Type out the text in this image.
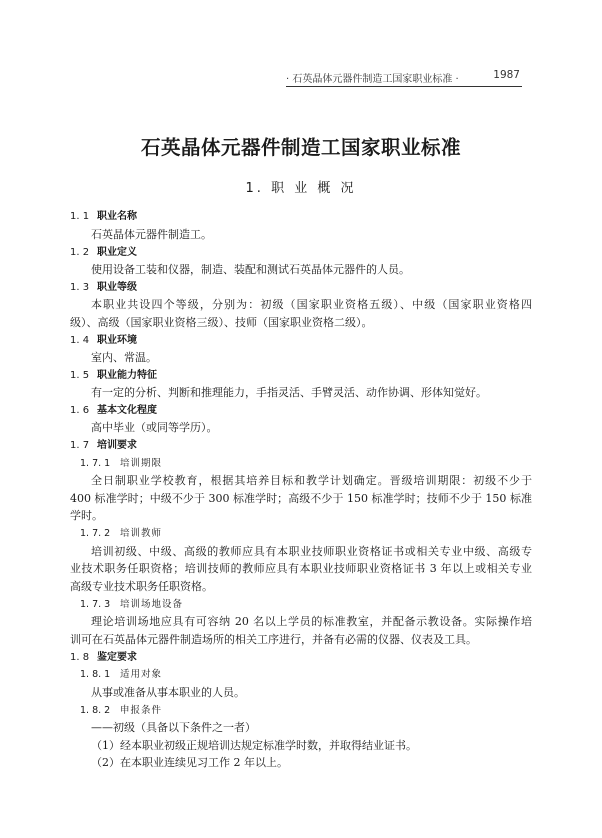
· 石英晶体元器件制造工国家职业标准 ·	1987
石英晶体元器件制造工国家职业标准
1. 职 业 概 况
1. 1 职业名称
石英晶体元器件制造工。
1. 2 职业定义
使用设备工装和仪器，制造、装配和测试石英晶体元器件的人员。
1. 3 职业等级
本职业共设四个等级，分别为：初级（国家职业资格五级）、中级（国家职业资格四
级）、高级（国家职业资格三级）、技师（国家职业资格二级）。
1. 4 职业环境
室内、常温。
1. 5 职业能力特征
有一定的分析、判断和推理能力，手指灵活、手臂灵活、动作协调、形体知觉好。
1. 6 基本文化程度
高中毕业（或同等学历）。
1. 7 培训要求
1. 7. 1 培训期限
全日制职业学校教育，根据其培养目标和教学计划确定。晋级培训期限：初级不少于
400 标准学时；中级不少于 300 标准学时；高级不少于 150 标准学时；技师不少于 150 标准
学时。
1. 7. 2 培训教师
培训初级、中级、高级的教师应具有本职业技师职业资格证书或相关专业中级、高级专
业技术职务任职资格；培训技师的教师应具有本职业技师职业资格证书 3 年以上或相关专业
高级专业技术职务任职资格。
1. 7. 3 培训场地设备
理论培训场地应具有可容纳 20 名以上学员的标准教室，并配备示教设备。实际操作培
训可在石英晶体元器件制造场所的相关工序进行，并备有必需的仪器、仪表及工具。
1. 8 鉴定要求
1. 8. 1 适用对象
从事或准备从事本职业的人员。
1. 8. 2 申报条件
——初级（具备以下条件之一者）
（1）经本职业初级正规培训达规定标准学时数，并取得结业证书。
（2）在本职业连续见习工作 2 年以上。
